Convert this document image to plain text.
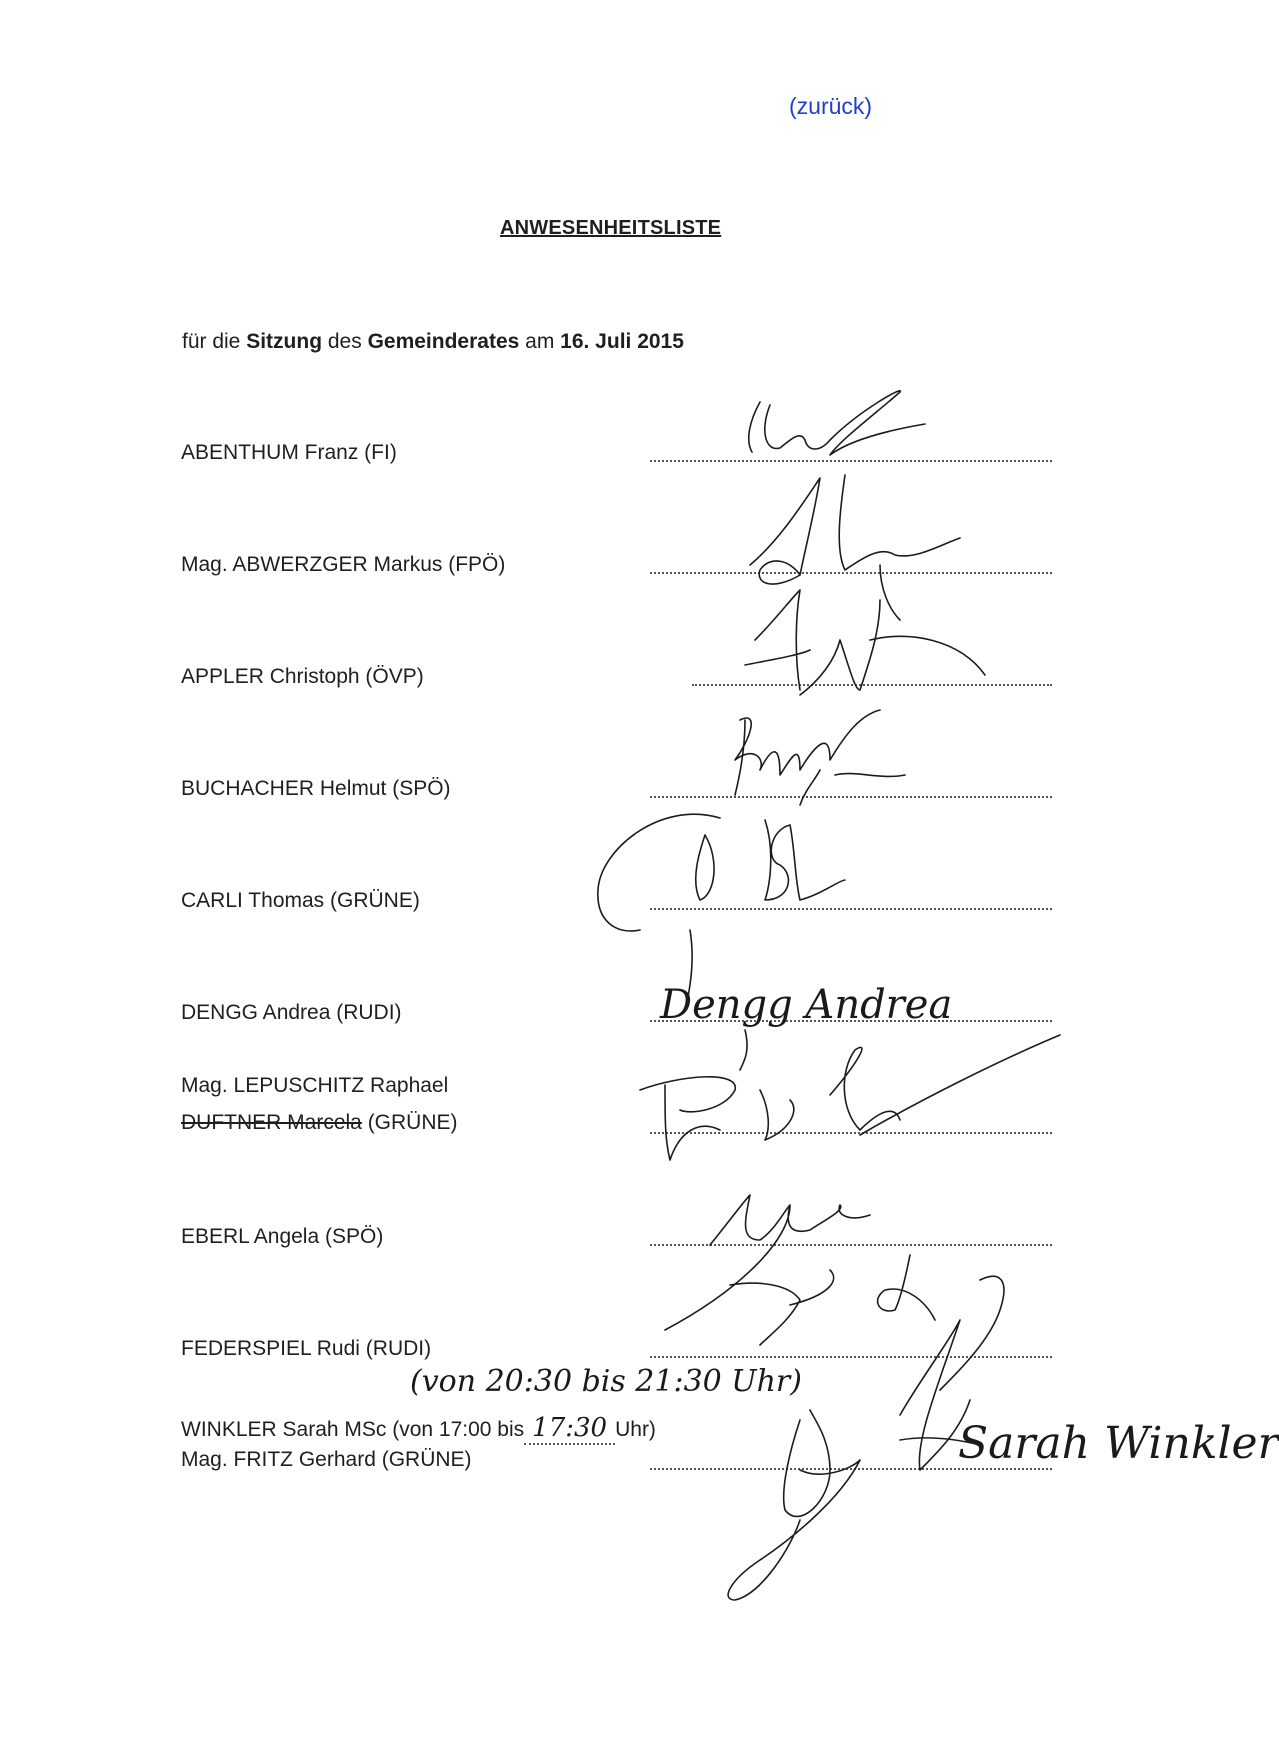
(zurück)
ANWESENHEITSLISTE
für die Sitzung des Gemeinderates am 16. Juli 2015
ABENTHUM Franz (FI)
Mag. ABWERZGER Markus (FPÖ)
APPLER Christoph (ÖVP)
BUCHACHER Helmut (SPÖ)
CARLI Thomas (GRÜNE)
DENGG Andrea (RUDI)
Mag. LEPUSCHITZ Raphael
DUFTNER Marcela (GRÜNE)
EBERL Angela (SPÖ)
FEDERSPIEL Rudi (RUDI)
(von 20:30 bis 21:30 Uhr)
WINKLER Sarah MSc (von 17:00 bis 17:30 Uhr)
Mag. FRITZ Gerhard (GRÜNE)
Dengg Andrea
Sarah Winkler
